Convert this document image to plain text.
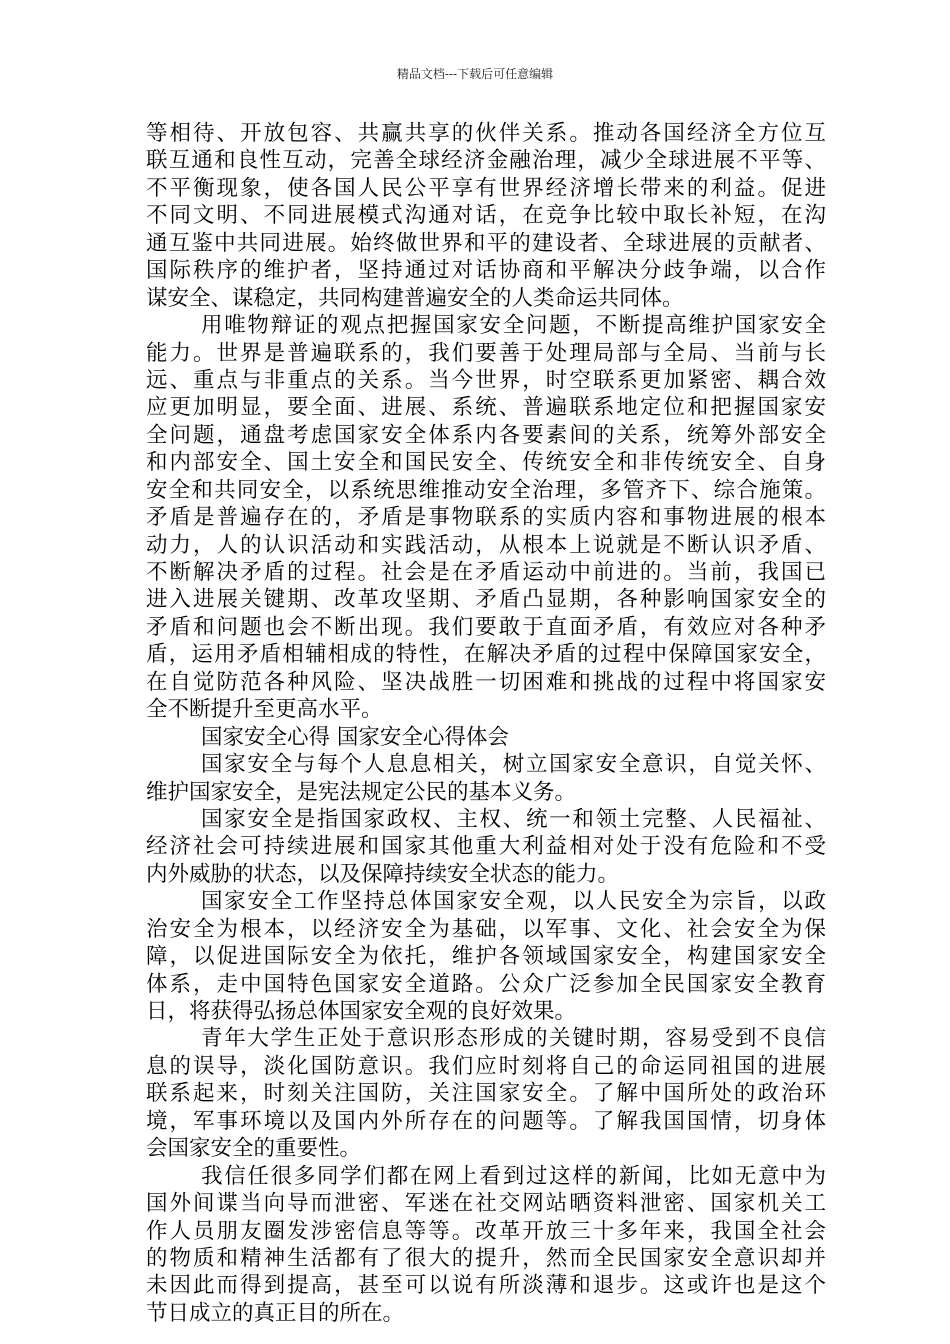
精品文档---下载后可任意编辑
等相待、开放包容、共赢共享的伙伴关系。推动各国经济全方位互
联互通和良性互动，完善全球经济金融治理，减少全球进展不平等、
不平衡现象，使各国人民公平享有世界经济增长带来的利益。促进
不同文明、不同进展模式沟通对话，在竞争比较中取长补短，在沟
通互鉴中共同进展。始终做世界和平的建设者、全球进展的贡献者、
国际秩序的维护者，坚持通过对话协商和平解决分歧争端，以合作
谋安全、谋稳定，共同构建普遍安全的人类命运共同体。
用唯物辩证的观点把握国家安全问题，不断提高维护国家安全
能力。世界是普遍联系的，我们要善于处理局部与全局、当前与长
远、重点与非重点的关系。当今世界，时空联系更加紧密、耦合效
应更加明显，要全面、进展、系统、普遍联系地定位和把握国家安
全问题，通盘考虑国家安全体系内各要素间的关系，统筹外部安全
和内部安全、国土安全和国民安全、传统安全和非传统安全、自身
安全和共同安全，以系统思维推动安全治理，多管齐下、综合施策。
矛盾是普遍存在的，矛盾是事物联系的实质内容和事物进展的根本
动力，人的认识活动和实践活动，从根本上说就是不断认识矛盾、
不断解决矛盾的过程。社会是在矛盾运动中前进的。当前，我国已
进入进展关键期、改革攻坚期、矛盾凸显期，各种影响国家安全的
矛盾和问题也会不断出现。我们要敢于直面矛盾，有效应对各种矛
盾，运用矛盾相辅相成的特性，在解决矛盾的过程中保障国家安全，
在自觉防范各种风险、坚决战胜一切困难和挑战的过程中将国家安
全不断提升至更高水平。
国家安全心得 国家安全心得体会
国家安全与每个人息息相关，树立国家安全意识，自觉关怀、
维护国家安全，是宪法规定公民的基本义务。
国家安全是指国家政权、主权、统一和领土完整、人民福祉、
经济社会可持续进展和国家其他重大利益相对处于没有危险和不受
内外威胁的状态，以及保障持续安全状态的能力。
国家安全工作坚持总体国家安全观，以人民安全为宗旨，以政
治安全为根本，以经济安全为基础，以军事、文化、社会安全为保
障，以促进国际安全为依托，维护各领域国家安全，构建国家安全
体系，走中国特色国家安全道路。公众广泛参加全民国家安全教育
日，将获得弘扬总体国家安全观的良好效果。
青年大学生正处于意识形态形成的关键时期，容易受到不良信
息的误导，淡化国防意识。我们应时刻将自己的命运同祖国的进展
联系起来，时刻关注国防，关注国家安全。了解中国所处的政治环
境，军事环境以及国内外所存在的问题等。了解我国国情，切身体
会国家安全的重要性。
我信任很多同学们都在网上看到过这样的新闻，比如无意中为
国外间谍当向导而泄密、军迷在社交网站晒资料泄密、国家机关工
作人员朋友圈发涉密信息等等。改革开放三十多年来，我国全社会
的物质和精神生活都有了很大的提升，然而全民国家安全意识却并
未因此而得到提高，甚至可以说有所淡薄和退步。这或许也是这个
节日成立的真正目的所在。
